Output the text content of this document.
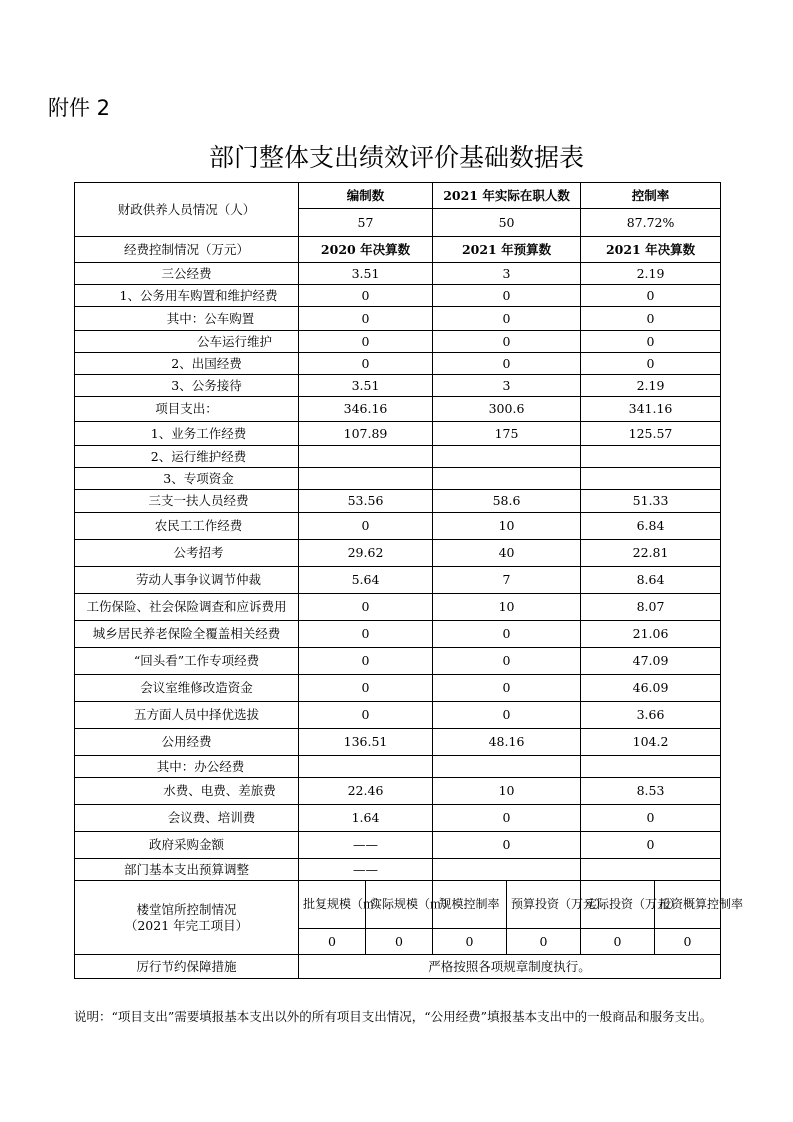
附件 2
部门整体支出绩效评价基础数据表
财政供养人员情况（人）	编制数		2021 年实际在职人数		控制率	
	57		50		87.72%	
经费控制情况（万元）	2020 年决算数		2021 年预算数		2021 年决算数	
三公经费	3.51		3		2.19	
1、公务用车购置和维护经费	0		0		0	
其中：公车购置	0		0		0	
公车运行维护	0		0		0	
2、出国经费	0		0		0	
3、公务接待	3.51		3		2.19	
项目支出：	346.16		300.6		341.16	
1、业务工作经费	107.89		175		125.57	
2、运行维护经费						
3、专项资金						
三支一扶人员经费	53.56		58.6		51.33	
农民工工作经费	0		10		6.84	
公考招考	29.62		40		22.81	
劳动人事争议调节仲裁	5.64		7		8.64	
工伤保险、社会保险调查和应诉费用	0		10		8.07	
城乡居民养老保险全覆盖相关经费	0		0		21.06	
“回头看”工作专项经费	0		0		47.09	
会议室维修改造资金	0		0		46.09	
五方面人员中择优选拔	0		0		3.66	
公用经费	136.51		48.16		104.2	
其中：办公经费						
水费、电费、差旅费	22.46		10		8.53	
会议费、培训费	1.64		0		0	
政府采购金额	——		0		0	
部门基本支出预算调整	——					
楼堂馆所控制情况
（2021 年完工项目）	批复规模（㎡）	实际规模（㎡）	规模控制率	预算投资（万元）	实际投资（万元）	投资概算控制率
	0	0	0	0	0	0
厉行节约保障措施	严格按照各项规章制度执行。					
说明：“项目支出”需要填报基本支出以外的所有项目支出情况，“公用经费”填报基本支出中的一般商品和服务支出。
